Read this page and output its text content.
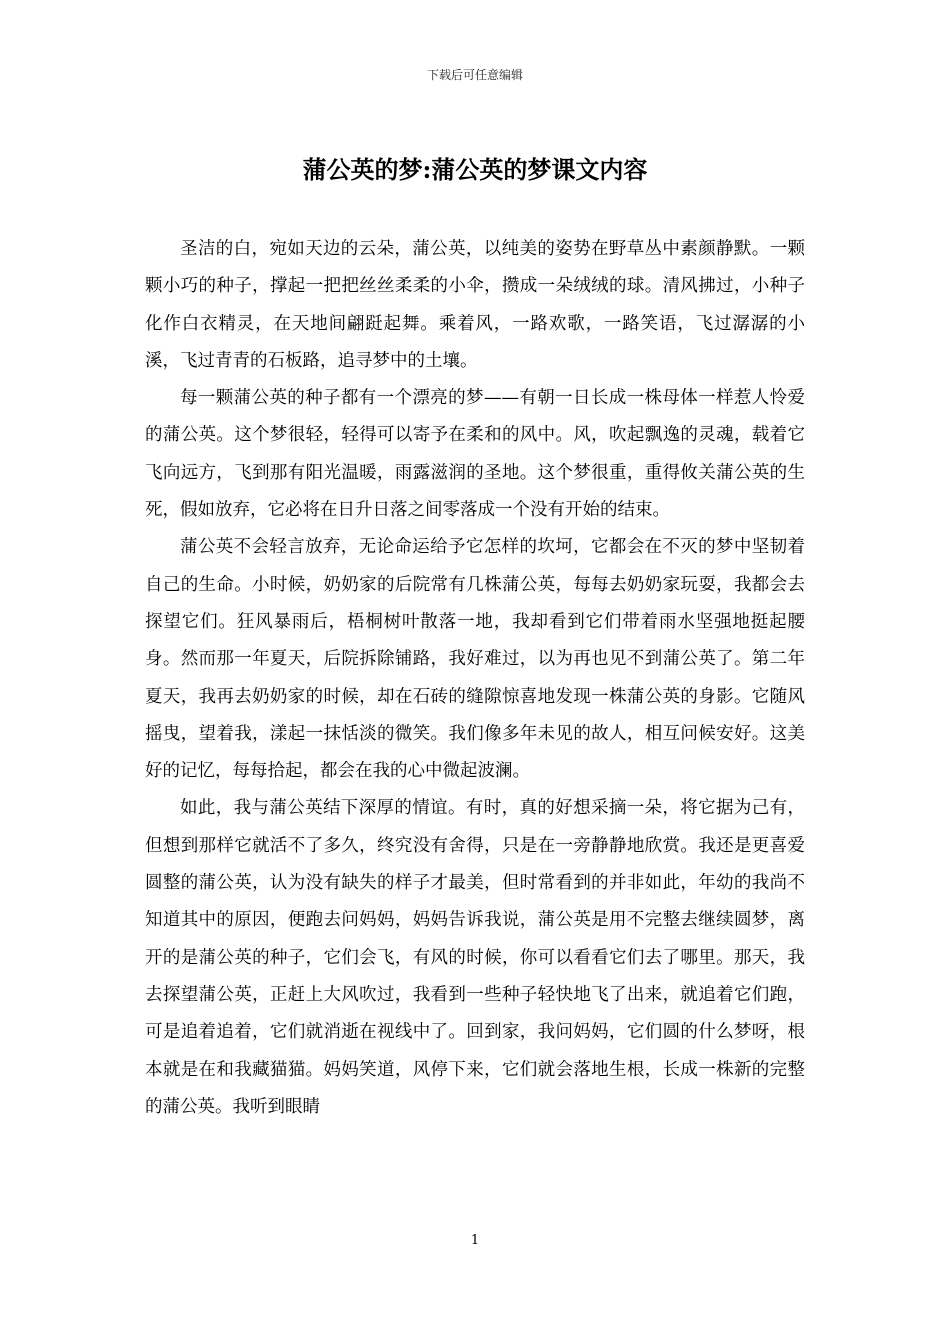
下载后可任意编辑
蒲公英的梦:蒲公英的梦课文内容

圣洁的白，宛如天边的云朵，蒲公英，以纯美的姿势在野草丛中素颜静默。一颗颗小巧的种子，撑起一把把丝丝柔柔的小伞，攒成一朵绒绒的球。清风拂过，小种子化作白衣精灵，在天地间翩跹起舞。乘着风，一路欢歌，一路笑语，飞过潺潺的小溪，飞过青青的石板路，追寻梦中的土壤。

每一颗蒲公英的种子都有一个漂亮的梦——有朝一日长成一株母体一样惹人怜爱的蒲公英。这个梦很轻，轻得可以寄予在柔和的风中。风，吹起飘逸的灵魂，载着它飞向远方，飞到那有阳光温暖，雨露滋润的圣地。这个梦很重，重得攸关蒲公英的生死，假如放弃，它必将在日升日落之间零落成一个没有开始的结束。

蒲公英不会轻言放弃，无论命运给予它怎样的坎坷，它都会在不灭的梦中坚韧着自己的生命。小时候，奶奶家的后院常有几株蒲公英，每每去奶奶家玩耍，我都会去探望它们。狂风暴雨后，梧桐树叶散落一地，我却看到它们带着雨水坚强地挺起腰身。然而那一年夏天，后院拆除铺路，我好难过，以为再也见不到蒲公英了。第二年夏天，我再去奶奶家的时候，却在石砖的缝隙惊喜地发现一株蒲公英的身影。它随风摇曳，望着我，漾起一抹恬淡的微笑。我们像多年未见的故人，相互问候安好。这美好的记忆，每每拾起，都会在我的心中微起波澜。

如此，我与蒲公英结下深厚的情谊。有时，真的好想采摘一朵，将它据为己有，但想到那样它就活不了多久，终究没有舍得，只是在一旁静静地欣赏。我还是更喜爱圆整的蒲公英，认为没有缺失的样子才最美，但时常看到的并非如此，年幼的我尚不知道其中的原因，便跑去问妈妈，妈妈告诉我说，蒲公英是用不完整去继续圆梦，离开的是蒲公英的种子，它们会飞，有风的时候，你可以看看它们去了哪里。那天，我去探望蒲公英，正赶上大风吹过，我看到一些种子轻快地飞了出来，就追着它们跑，可是追着追着，它们就消逝在视线中了。回到家，我问妈妈，它们圆的什么梦呀，根本就是在和我藏猫猫。妈妈笑道，风停下来，它们就会落地生根，长成一株新的完整的蒲公英。我听到眼睛

1
